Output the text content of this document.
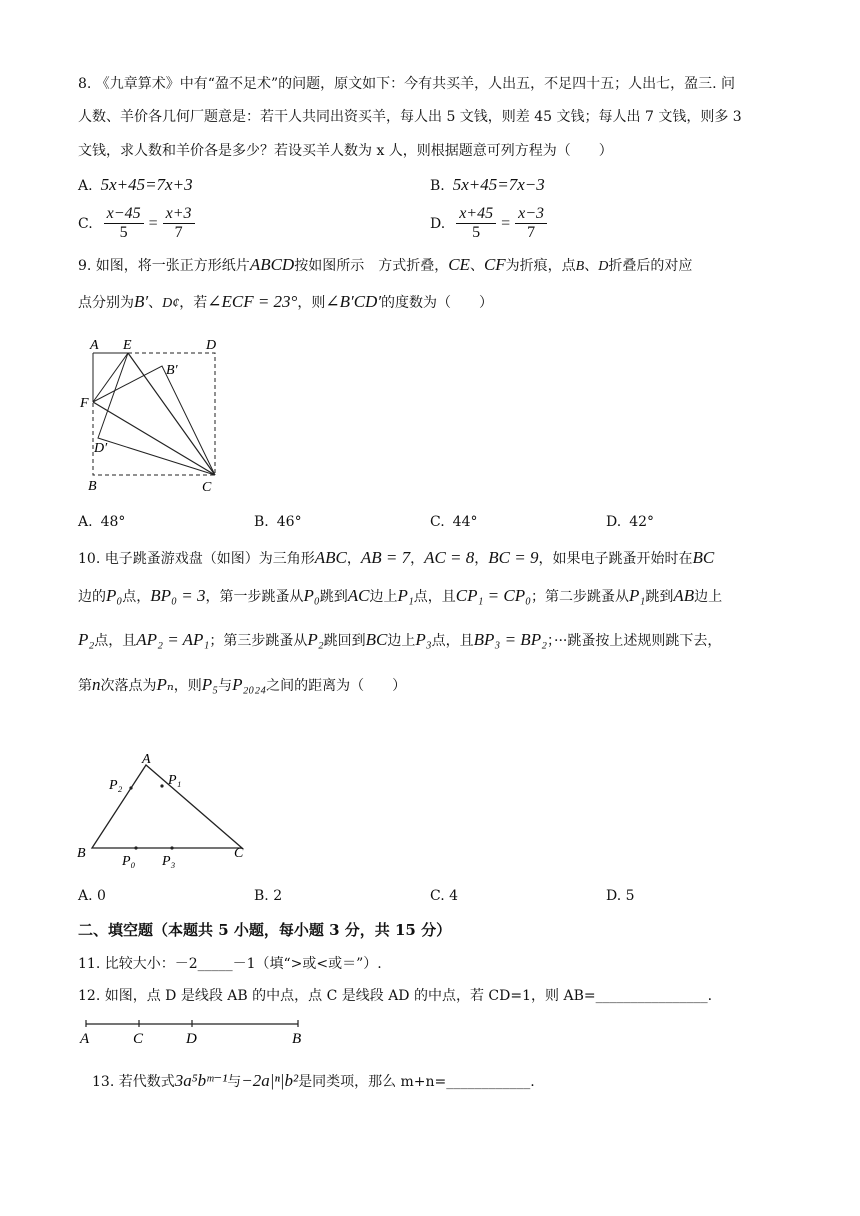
8. 《九章算术》中有“盈不足术”的问题，原文如下：今有共买羊，人出五，不足四十五；人出七，盈三. 问
人数、羊价各几何厂题意是：若干人共同出资买羊，每人出 5 文钱，则差 45 文钱；每人出 7 文钱，则多 3
文钱，求人数和羊价各是多少？若设买羊人数为 x 人，则根据题意可列方程为（　　）
A. 5x+45=7x+3	B. 5x+45=7x−3
C. $\frac{x-45}{5} = \frac{x+3}{7}$	D. $\frac{x+45}{5} = \frac{x-3}{7}$
9. 如图，将一张正方形纸片ABCD按如图所示　方式折叠，CE、CF为折痕，点B、D折叠后的对应
点分别为B′、D¢，若∠ECF = 23°，则∠B′CD′的度数为（　　）
A E	D
B′
F
D′
B	C
A. 48°	B. 46°	C. 44°	D. 42°
10. 电子跳蚤游戏盘（如图）为三角形ABC，AB = 7，AC = 8，BC = 9，如果电子跳蚤开始时在BC
边的P₀点，BP₀ = 3，第一步跳蚤从P₀跳到AC边上P₁点，且CP₁ = CP₀；第二步跳蚤从P₁跳到AB边上
P₂点，且AP₂ = AP₁；第三步跳蚤从P₂跳回到BC边上P₃点，且BP₃ = BP₂；···跳蚤按上述规则跳下去，
第n次落点为Pₙ，则P₅与P₂₀₂₄之间的距离为（　　）
A
P₂	P₁
B
P₀ P₃
C
A. 0	B. 2	C. 4	D. 5
二、填空题（本题共 5 小题，每小题 3 分，共 15 分）
11. 比较大小：－2_____－1（填“>或<或＝”）.
12. 如图，点 D 是线段 AB 的中点，点 C 是线段 AD 的中点，若 CD=1，则 AB=________________.
A	C	D	B
13. 若代数式3a⁵bᵐ⁻¹与−2a|ⁿ|b²是同类项，那么 m+n=____________.
